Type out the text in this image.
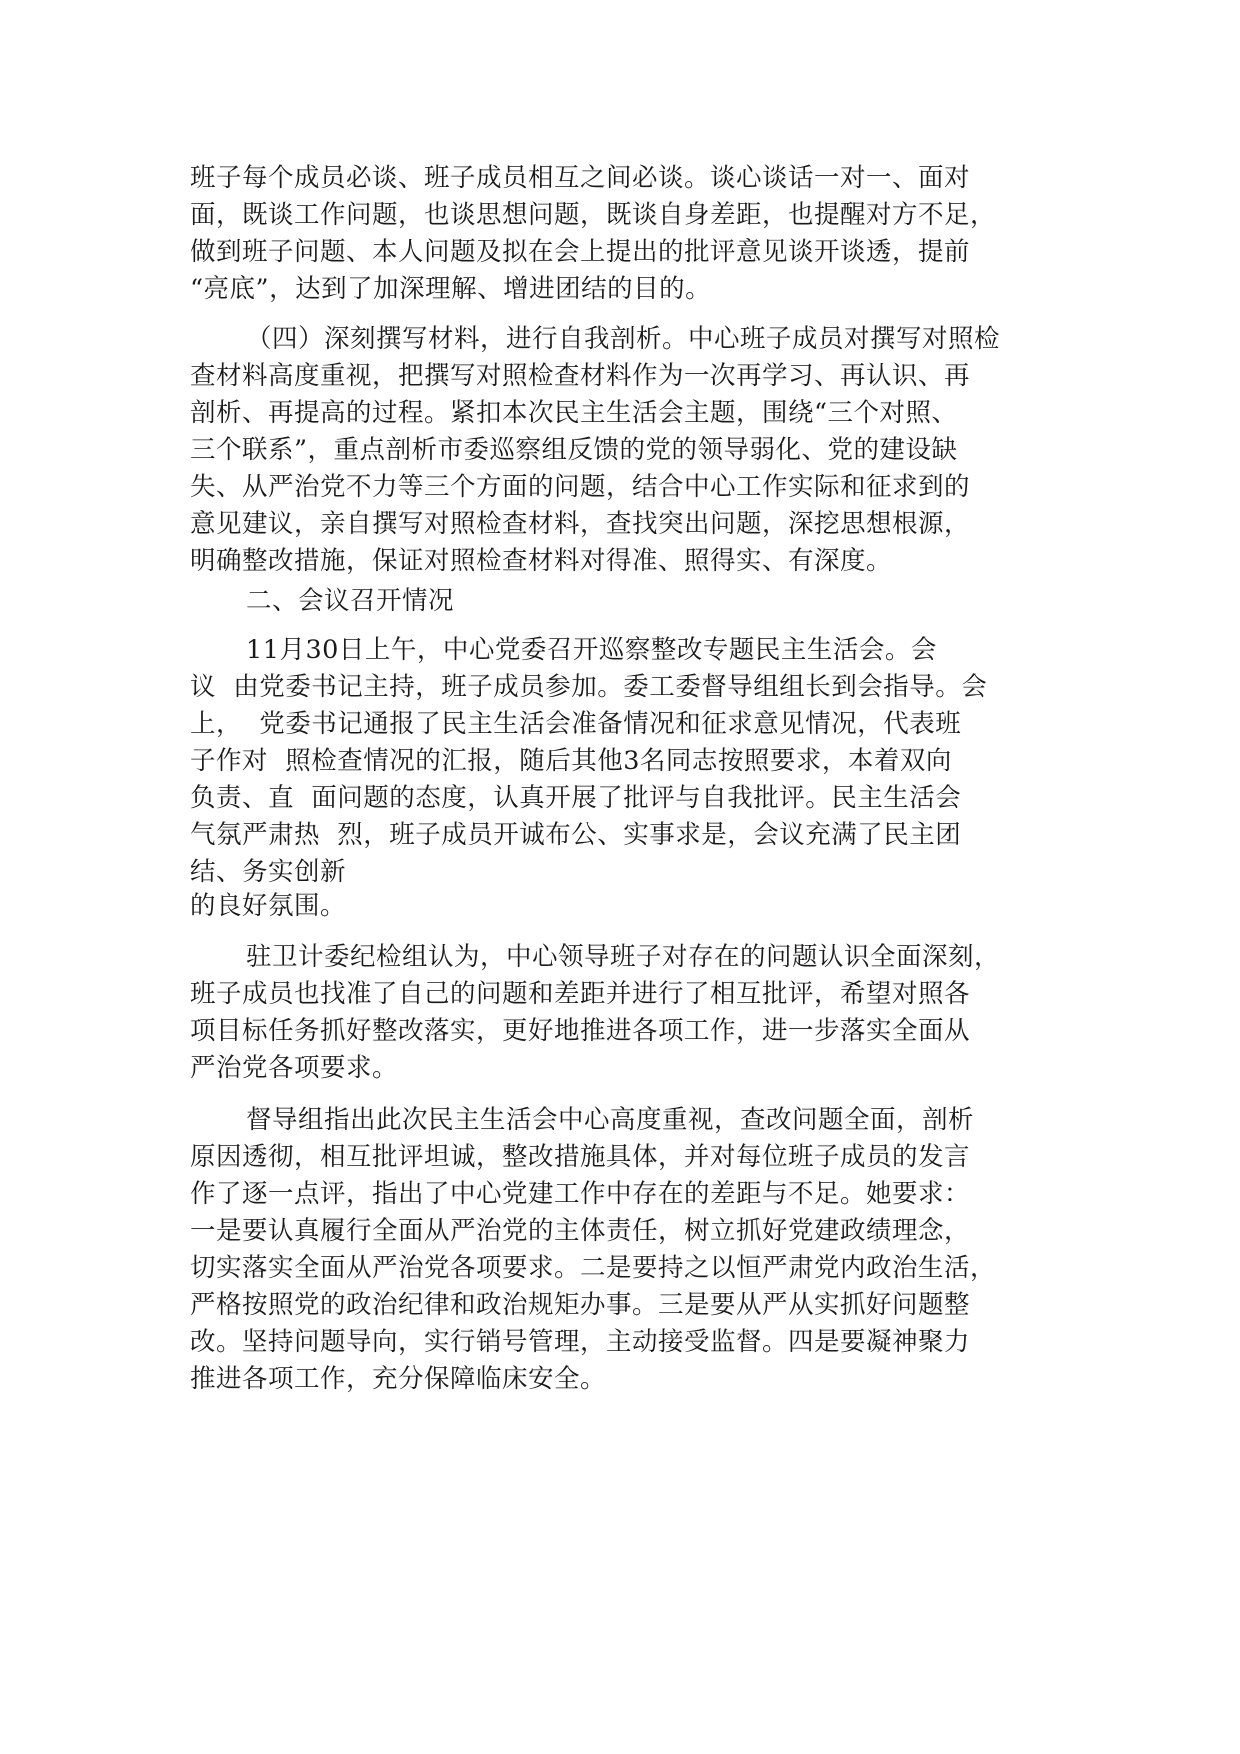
班子每个成员必谈、班子成员相互之间必谈。谈心谈话一对一、面对
面，既谈工作问题，也谈思想问题，既谈自身差距，也提醒对方不足，
做到班子问题、本人问题及拟在会上提出的批评意见谈开谈透，提前
“亮底”，达到了加深理解、增进团结的目的。
（四）深刻撰写材料，进行自我剖析。中心班子成员对撰写对照检
查材料高度重视，把撰写对照检查材料作为一次再学习、再认识、再
剖析、再提高的过程。紧扣本次民主生活会主题，围绕“三个对照、
三个联系”，重点剖析市委巡察组反馈的党的领导弱化、党的建设缺
失、从严治党不力等三个方面的问题，结合中心工作实际和征求到的
意见建议，亲自撰写对照检查材料，查找突出问题，深挖思想根源，
明确整改措施，保证对照检查材料对得准、照得实、有深度。
二、会议召开情况
11月30日上午，中心党委召开巡察整改专题民主生活会。会
议  由党委书记主持，班子成员参加。委工委督导组组长到会指导。会
上，  党委书记通报了民主生活会准备情况和征求意见情况，代表班
子作对  照检查情况的汇报，随后其他3名同志按照要求，本着双向
负责、直  面问题的态度，认真开展了批评与自我批评。民主生活会
气氛严肃热  烈，班子成员开诚布公、实事求是，会议充满了民主团
结、务实创新
的良好氛围。
驻卫计委纪检组认为，中心领导班子对存在的问题认识全面深刻，
班子成员也找准了自己的问题和差距并进行了相互批评，希望对照各
项目标任务抓好整改落实，更好地推进各项工作，进一步落实全面从
严治党各项要求。
督导组指出此次民主生活会中心高度重视，查改问题全面，剖析
原因透彻，相互批评坦诚，整改措施具体，并对每位班子成员的发言
作了逐一点评，指出了中心党建工作中存在的差距与不足。她要求：
一是要认真履行全面从严治党的主体责任，树立抓好党建政绩理念，
切实落实全面从严治党各项要求。二是要持之以恒严肃党内政治生活，
严格按照党的政治纪律和政治规矩办事。三是要从严从实抓好问题整
改。坚持问题导向，实行销号管理，主动接受监督。四是要凝神聚力
推进各项工作，充分保障临床安全。
